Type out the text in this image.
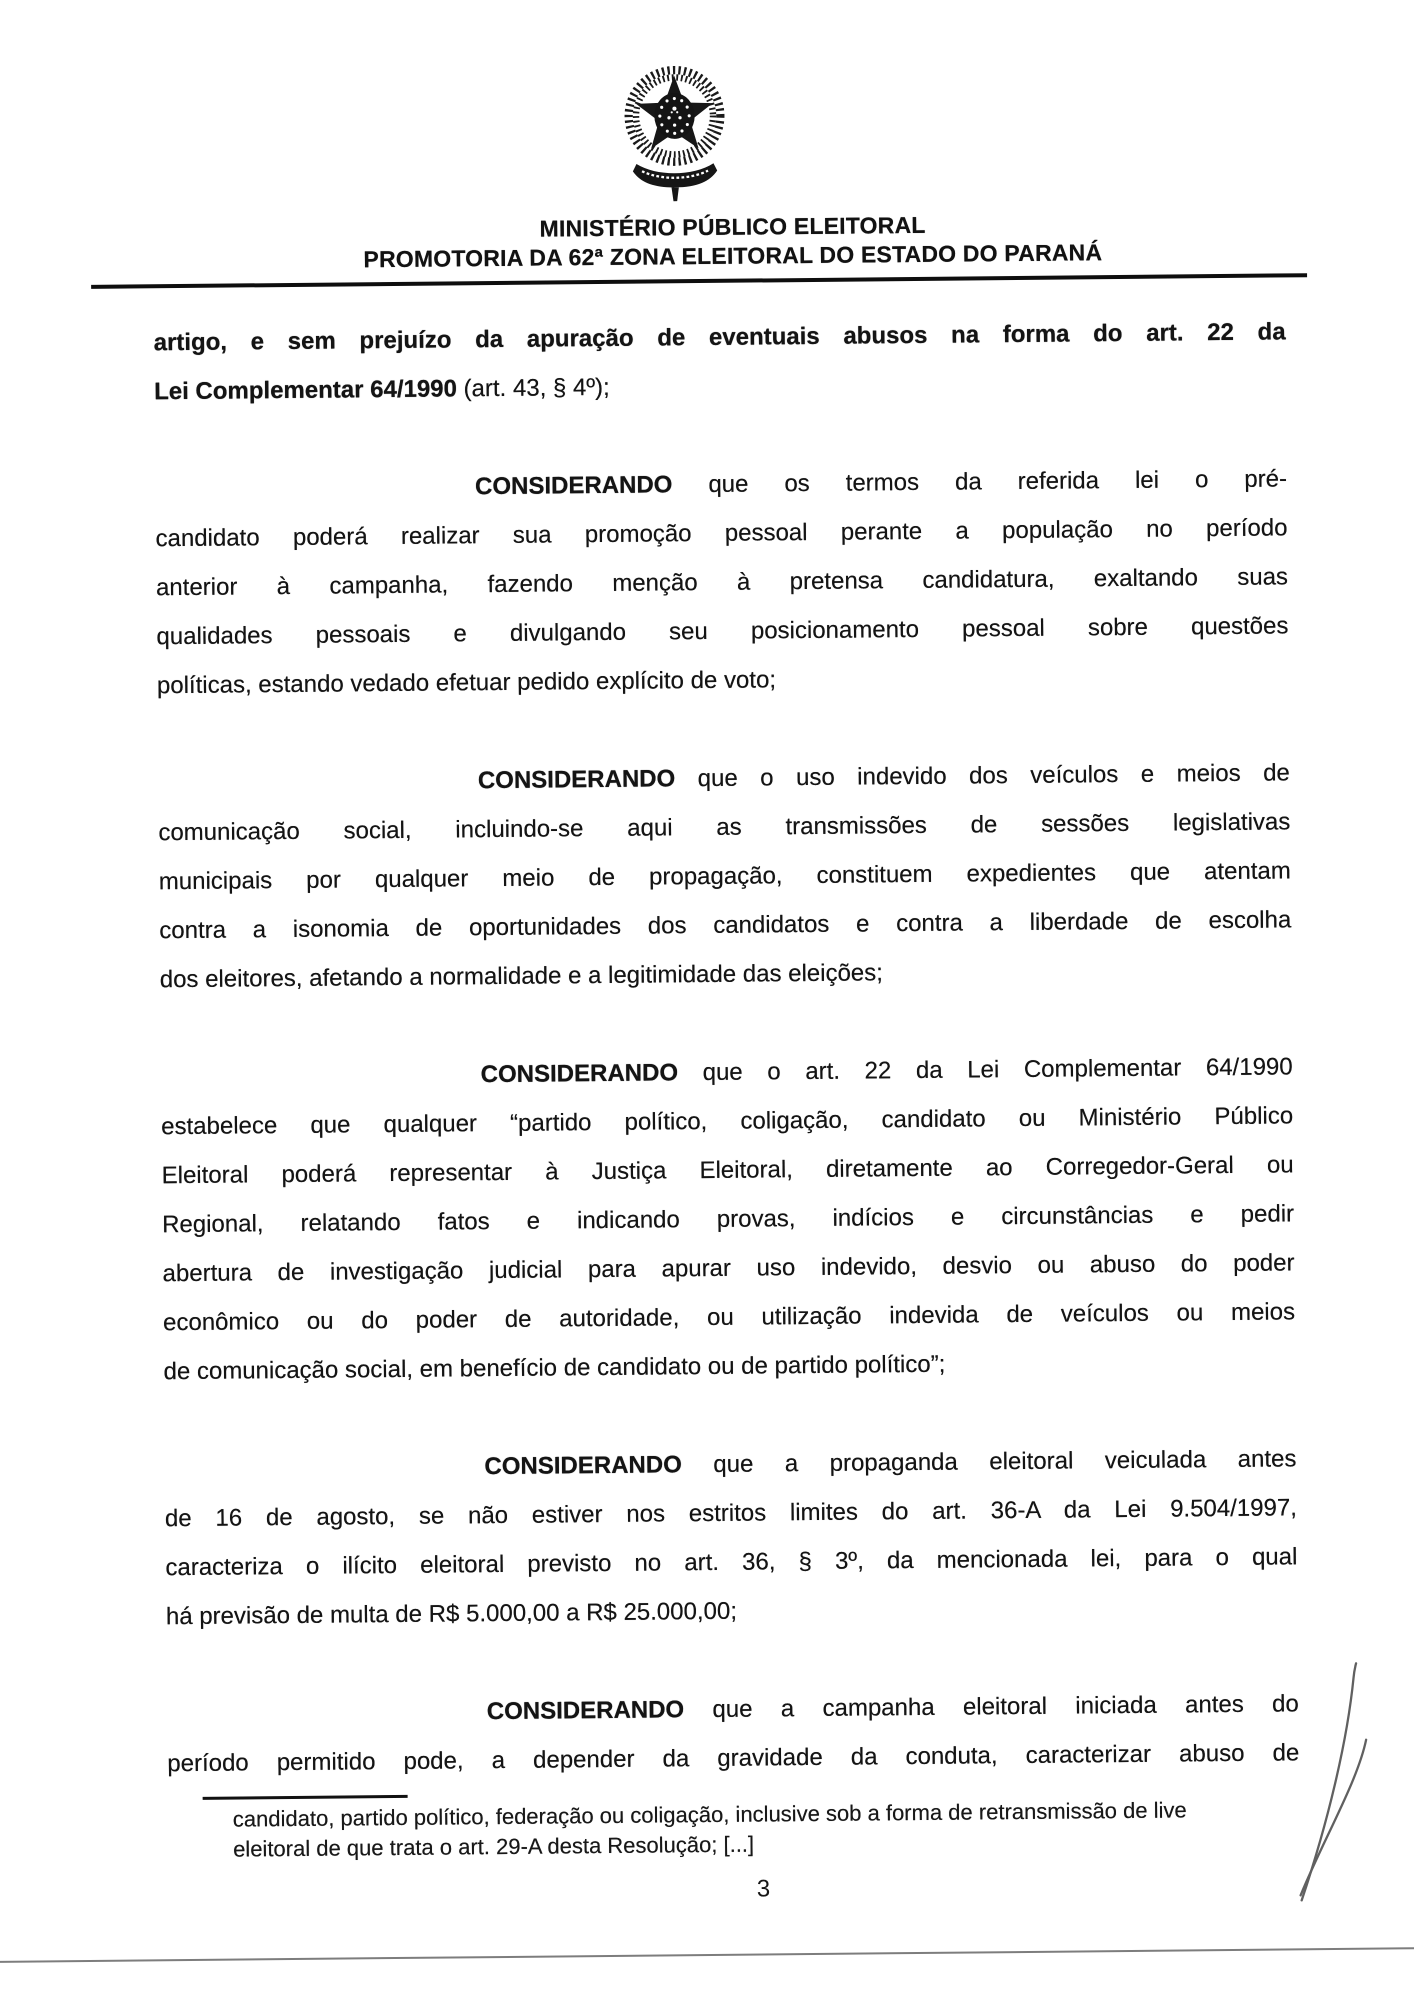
MINISTÉRIO PÚBLICO ELEITORAL
PROMOTORIA DA 62ª ZONA ELEITORAL DO ESTADO DO PARANÁ
artigo, e sem prejuízo da apuração de eventuais abusos na forma do art. 22 da
Lei Complementar 64/1990 (art. 43, § 4º);
CONSIDERANDO que os termos da referida lei o pré-
candidato poderá realizar sua promoção pessoal perante a população no período
anterior à campanha, fazendo menção à pretensa candidatura, exaltando suas
qualidades pessoais e divulgando seu posicionamento pessoal sobre questões
políticas, estando vedado efetuar pedido explícito de voto;
CONSIDERANDO que o uso indevido dos veículos e meios de
comunicação social, incluindo-se aqui as transmissões de sessões legislativas
municipais por qualquer meio de propagação, constituem expedientes que atentam
contra a isonomia de oportunidades dos candidatos e contra a liberdade de escolha
dos eleitores, afetando a normalidade e a legitimidade das eleições;
CONSIDERANDO que o art. 22 da Lei Complementar 64/1990
estabelece que qualquer “partido político, coligação, candidato ou Ministério Público
Eleitoral poderá representar à Justiça Eleitoral, diretamente ao Corregedor-Geral ou
Regional, relatando fatos e indicando provas, indícios e circunstâncias e pedir
abertura de investigação judicial para apurar uso indevido, desvio ou abuso do poder
econômico ou do poder de autoridade, ou utilização indevida de veículos ou meios
de comunicação social, em benefício de candidato ou de partido político”;
CONSIDERANDO que a propaganda eleitoral veiculada antes
de 16 de agosto, se não estiver nos estritos limites do art. 36-A da Lei 9.504/1997,
caracteriza o ilícito eleitoral previsto no art. 36, § 3º, da mencionada lei, para o qual
há previsão de multa de R$ 5.000,00 a R$ 25.000,00;
CONSIDERANDO que a campanha eleitoral iniciada antes do
período permitido pode, a depender da gravidade da conduta, caracterizar abuso de
candidato, partido político, federação ou coligação, inclusive sob a forma de retransmissão de live
eleitoral de que trata o art. 29-A desta Resolução; [...]
3
